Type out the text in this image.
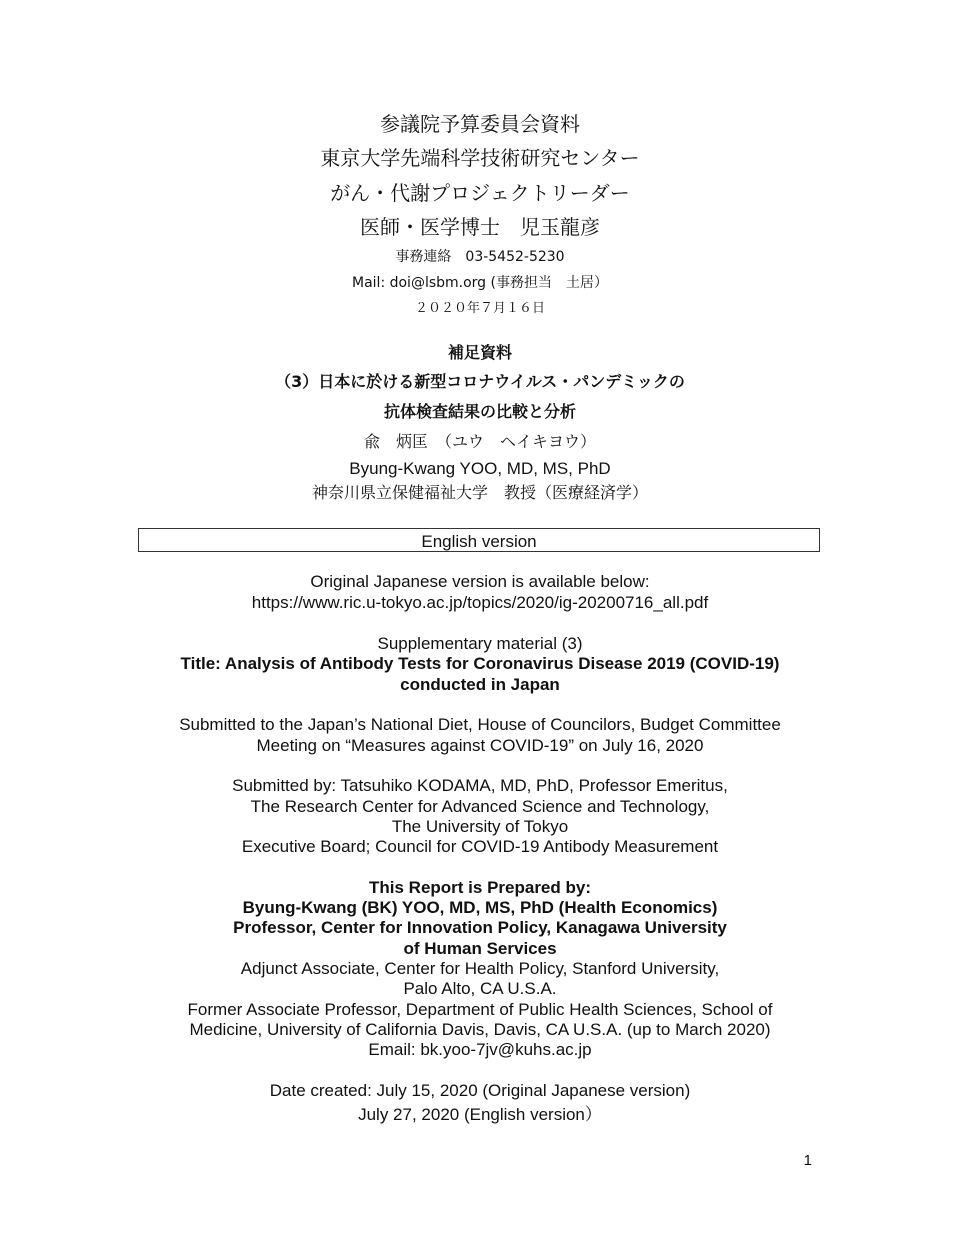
参議院予算委員会資料
東京大学先端科学技術研究センター
がん・代謝プロジェクトリーダー
医師・医学博士　児玉龍彦
事務連絡　03-5452-5230
Mail: doi@lsbm.org (事務担当　土居）
２０２０年７月１６日
補足資料
（3）日本に於ける新型コロナウイルス・パンデミックの
抗体検査結果の比較と分析
兪　炳匡　（ユウ　ヘイキヨウ）
Byung-Kwang YOO, MD, MS, PhD
神奈川県立保健福祉大学　教授（医療経済学）
English version
Original Japanese version is available below:
https://www.ric.u-tokyo.ac.jp/topics/2020/ig-20200716_all.pdf
Supplementary material (3)
Title: Analysis of Antibody Tests for Coronavirus Disease 2019 (COVID-19)
conducted in Japan
Submitted to the Japan’s National Diet, House of Councilors, Budget Committee
Meeting on “Measures against COVID-19” on July 16, 2020
Submitted by: Tatsuhiko KODAMA, MD, PhD, Professor Emeritus,
The Research Center for Advanced Science and Technology,
The University of Tokyo
Executive Board; Council for COVID-19 Antibody Measurement
This Report is Prepared by:
Byung-Kwang (BK) YOO, MD, MS, PhD (Health Economics)
Professor, Center for Innovation Policy, Kanagawa University
of Human Services
Adjunct Associate, Center for Health Policy, Stanford University,
Palo Alto, CA U.S.A.
Former Associate Professor, Department of Public Health Sciences, School of
Medicine, University of California Davis, Davis, CA U.S.A. (up to March 2020)
Email: bk.yoo-7jv@kuhs.ac.jp
Date created: July 15, 2020 (Original Japanese version)
July 27, 2020 (English version）
1
